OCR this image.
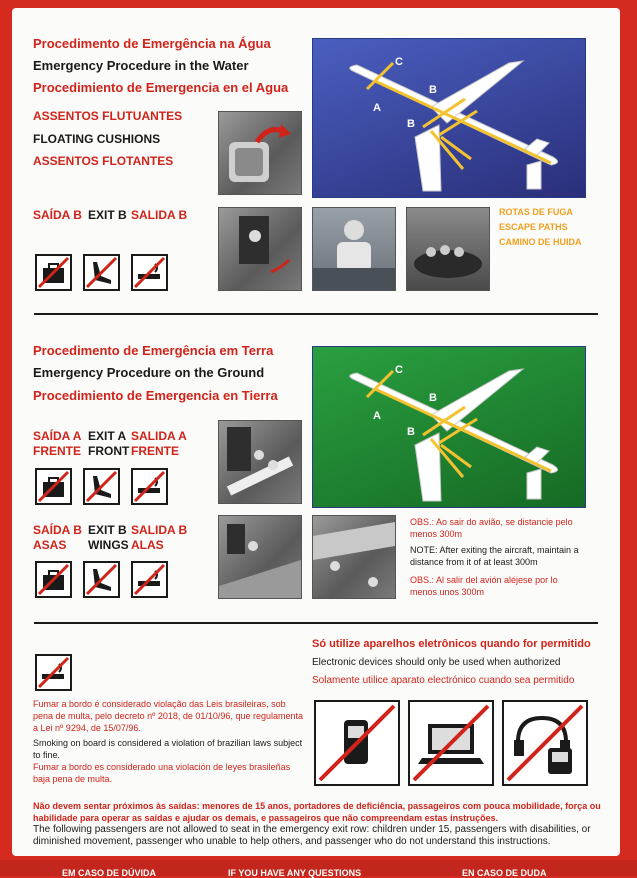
Procedimento de Emergência na Água
Emergency Procedure in the Water
Procedimiento de Emergencia en el Agua
ASSENTOS FLUTUANTES
FLOATING CUSHIONS
ASSENTOS FLOTANTES
A
B
B
C
SAÍDA B EXIT B SALIDA B	ROTAS DE FUGA
ESCAPE PATHS
CAMINO DE HUIDA
Procedimento de Emergência em Terra
Emergency Procedure on the Ground
Procedimiento de Emergencia en Tierra
A
B
B
C
SAÍDA A
FRENTE
EXIT A
FRONT
SALIDA A
FRENTE
SAÍDA B
ASAS
EXIT B
WINGS
SALIDA B
ALAS
OBS.: Ao sair do avião, se distancie pelo menos 300m
NOTE: After exiting the aircraft, maintain a distance from it of at least 300m
OBS.: Al salir del avión aléjese por lo menos unos 300m
Fumar a bordo é considerado violação das Leis brasileiras, sob pena de multa, pelo decreto nº 2018, de 01/10/96, que regulamenta a Lei nº 9294, de 15/07/96.
Smoking on board is considered a violation of brazilian laws subject to fine.
Fumar a bordo es considerado una violación de leyes brasileñas baja pena de multa.
Só utilize aparelhos eletrônicos quando for permitido
Electronic devices should only be used when authorized
Solamente utilice aparato electrónico cuando sea permitido
Não devem sentar próximos às saídas: menores de 15 anos, portadores de deficiência, passageiros com pouca mobilidade, força ou habilidade para operar as saídas e ajudar os demais, e passageiros que não compreendam estas instruções.
The following passengers are not allowed to seat in the emergency exit row: children under 15, passengers with disabilities, or diminished movement, passenger who unable to help others, and passenger who do not understand this instructions.
EM CASO DE DÚVIDA	IF YOU HAVE ANY QUESTIONS	EN CASO DE DUDA
